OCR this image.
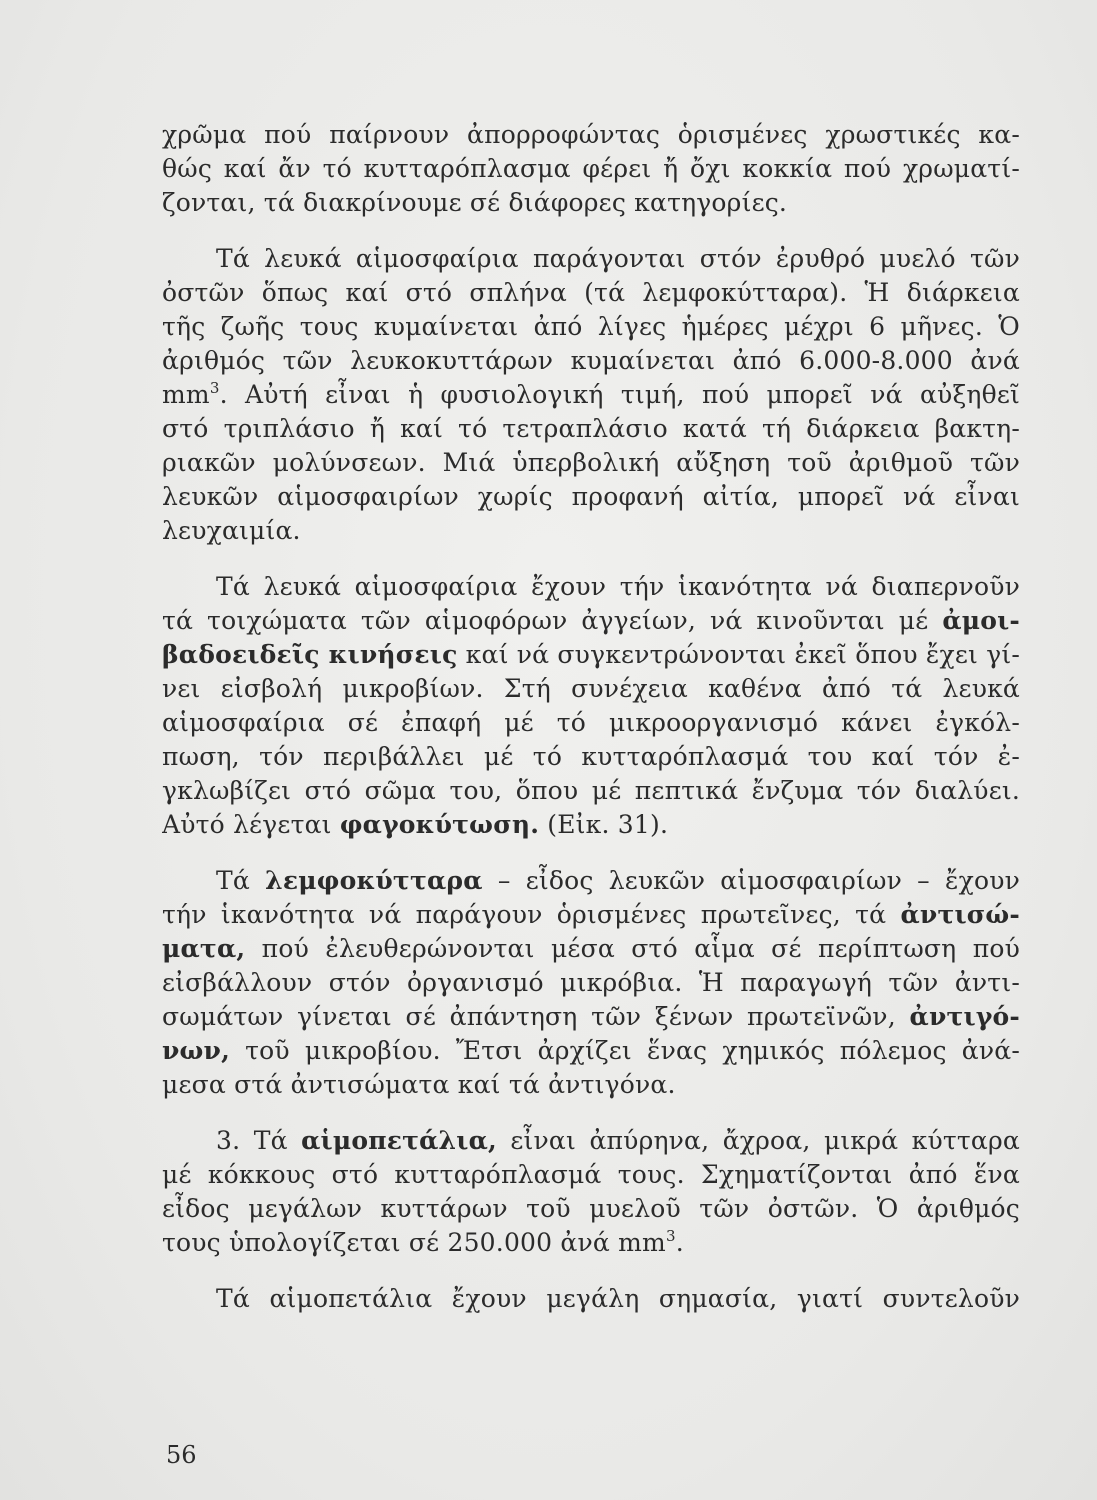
χρῶμα πού παίρνουν ἀπορροφώντας ὁρισμένες χρωστικές κα-
θώς καί ἄν τό κυτταρόπλασμα φέρει ἤ ὄχι κοκκία πού χρωματί-
ζονται, τά διακρίνουμε σέ διάφορες κατηγορίες.
Τά λευκά αἱμοσφαίρια παράγονται στόν ἐρυθρό μυελό τῶν
ὀστῶν ὅπως καί στό σπλήνα (τά λεμφοκύτταρα). Ἡ διάρκεια
τῆς ζωῆς τους κυμαίνεται ἀπό λίγες ἡμέρες μέχρι 6 μῆνες. Ὁ
ἀριθμός τῶν λευκοκυττάρων κυμαίνεται ἀπό 6.000-8.000 ἀνά
$mm^3$. Αὐτή εἶναι ἡ φυσιολογική τιμή, πού μπορεῖ νά αὐξηθεῖ
στό τριπλάσιο ἤ καί τό τετραπλάσιο κατά τή διάρκεια βακτη-
ριακῶν μολύνσεων. Μιά ὑπερβολική αὔξηση τοῦ ἀριθμοῦ τῶν
λευκῶν αἱμοσφαιρίων χωρίς προφανή αἰτία, μπορεῖ νά εἶναι
λευχαιμία.
Τά λευκά αἱμοσφαίρια ἔχουν τήν ἱκανότητα νά διαπερνοῦν
τά τοιχώματα τῶν αἱμοφόρων ἀγγείων, νά κινοῦνται μέ ἀμοι-
βαδοειδεῖς κινήσεις καί νά συγκεντρώνονται ἐκεῖ ὅπου ἔχει γί-
νει εἰσβολή μικροβίων. Στή συνέχεια καθένα ἀπό τά λευκά
αἱμοσφαίρια σέ ἐπαφή μέ τό μικροοργανισμό κάνει ἐγκόλ-
πωση, τόν περιβάλλει μέ τό κυτταρόπλασμά του καί τόν ἐ-
γκλωβίζει στό σῶμα του, ὅπου μέ πεπτικά ἔνζυμα τόν διαλύει.
Αὐτό λέγεται φαγοκύτωση. (Εἰκ. 31).
Τά λεμφοκύτταρα – εἶδος λευκῶν αἱμοσφαιρίων – ἔχουν
τήν ἱκανότητα νά παράγουν ὁρισμένες πρωτεῖνες, τά ἀντισώ-
ματα, πού ἐλευθερώνονται μέσα στό αἷμα σέ περίπτωση πού
εἰσβάλλουν στόν ὀργανισμό μικρόβια. Ἡ παραγωγή τῶν ἀντι-
σωμάτων γίνεται σέ ἀπάντηση τῶν ξένων πρωτεϊνῶν, ἀντιγό-
νων, τοῦ μικροβίου. Ἔτσι ἀρχίζει ἕνας χημικός πόλεμος ἀνά-
μεσα στά ἀντισώματα καί τά ἀντιγόνα.
3. Τά αἱμοπετάλια, εἶναι ἀπύρηνα, ἄχροα, μικρά κύτταρα
μέ κόκκους στό κυτταρόπλασμά τους. Σχηματίζονται ἀπό ἕνα
εἶδος μεγάλων κυττάρων τοῦ μυελοῦ τῶν ὀστῶν. Ὁ ἀριθμός
τους ὑπολογίζεται σέ 250.000 ἀνά $mm^3$.
Τά αἱμοπετάλια ἔχουν μεγάλη σημασία, γιατί συντελοῦν
56
